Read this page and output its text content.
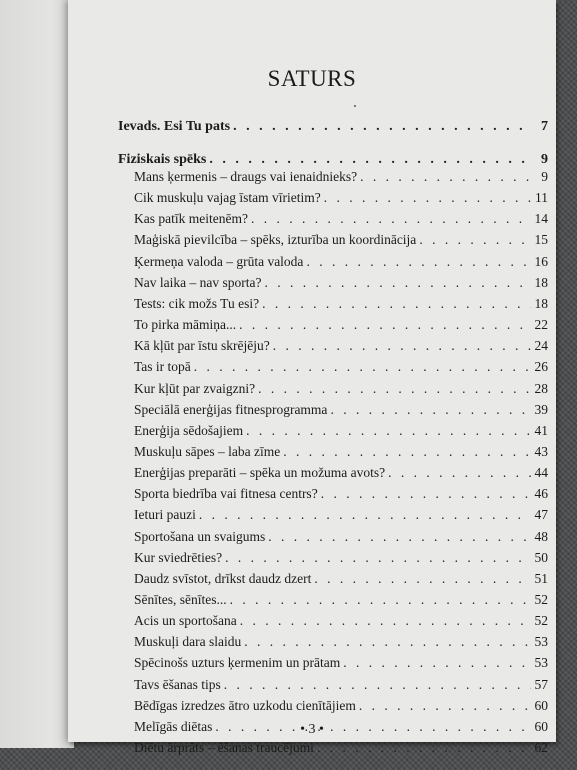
SATURS
Ievads. Esi Tu pats . . .	7
Fiziskais spēks . . .	9
Mans ķermenis – draugs vai ienaidnieks? . . .	9
Cik muskuļu vajag īstam vīrietim? . . .	11
Kas patīk meitenēm? . . .	14
Maģiskā pievilcība – spēks, izturība un koordinācija . . .	15
Ķermeņa valoda – grūta valoda . . .	16
Nav laika – nav sporta? . . .	18
Tests: cik možs Tu esi? . . .	18
To pirka māmiņa... . . .	22
Kā kļūt par īstu skrējēju? . . .	24
Tas ir topā . . .	26
Kur kļūt par zvaigzni? . . .	28
Speciālā enerģijas fitnesprogramma . . .	39
Enerģija sēdošajiem . . .	41
Muskuļu sāpes – laba zīme . . .	43
Enerģijas preparāti – spēka un možuma avots? . . .	44
Sporta biedrība vai fitnesa centrs? . . .	46
Ieturi pauzi . . .	47
Sportošana un svaigums . . .	48
Kur sviedrēties? . . .	50
Daudz svīstot, drīkst daudz dzert . . .	51
Sēnītes, sēnītes... . . .	52
Acis un sportošana . . .	52
Muskuļi dara slaidu . . .	53
Spēcinošs uzturs ķermenim un prātam . . .	53
Tavs ēšanas tips . . .	57
Bēdīgas izredzes ātro uzkodu cienītājiem . . .	60
Melīgās diētas . . .	60
Diētu ārprāts – ēšanas traucējumi . . .	62
• 3 •
